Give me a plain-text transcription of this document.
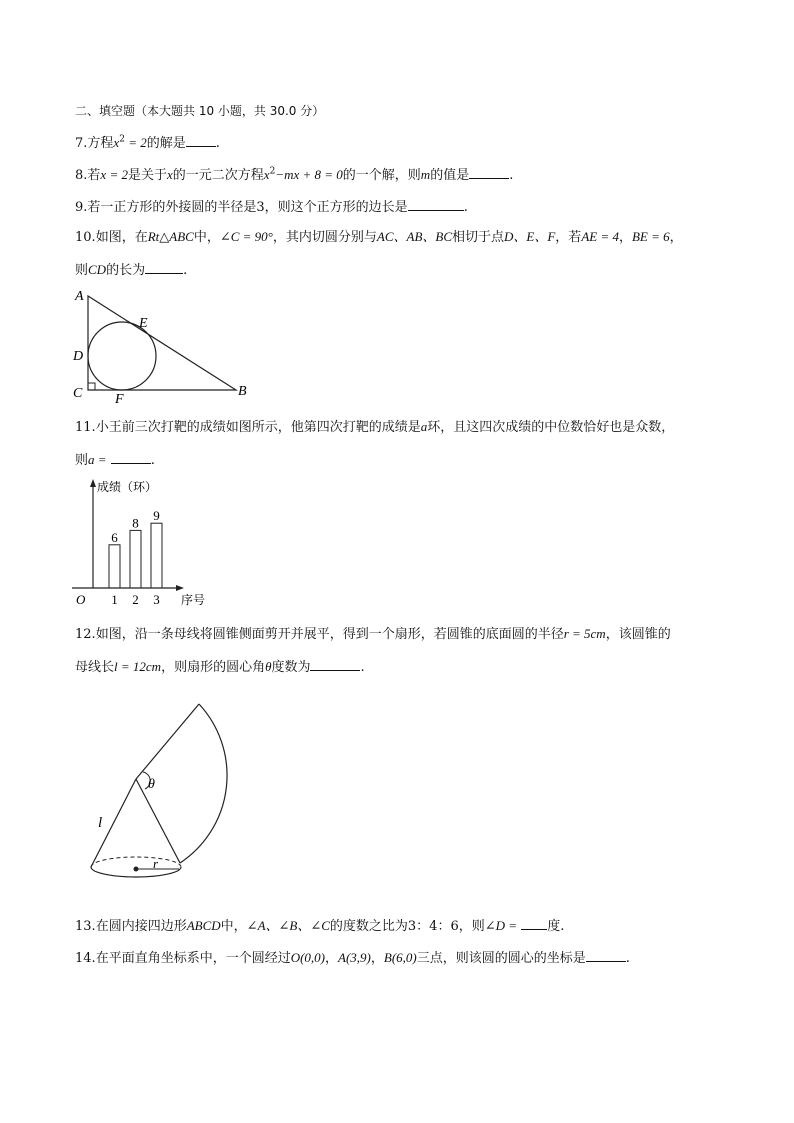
二、填空题（本大题共 10 小题，共 30.0 分）
7.方程$x^2 = 2$的解是 .
8.若x = 2是关于x的一元二次方程$x^2-mx + 8 = 0$的一个解，则m的值是	.
9.若一正方形的外接圆的半径是3，则这个正方形的边长是	.
10.如图，在Rt△ABC中，∠C = 90°，其内切圆分别与AC、AB、BC相切于点D、E、F，若AE = 4，BE = 6，
则CD的长为	.
A
E
D
C F
B
11.小王前三次打靶的成绩如图所示，他第四次打靶的成绩是a环，且这四次成绩的中位数恰好也是众数，
则a =	.
成绩（环）
序号
O
6
1
8
2
9
3
12.如图，沿一条母线将圆锥侧面剪开并展平，得到一个扇形，若圆锥的底面圆的半径r = 5cm，该圆锥的
母线长l = 12cm，则扇形的圆心角θ度数为	.
θ
l
r
13.在圆内接四边形ABCD中，∠A、∠B、∠C的度数之比为3：4：6，则∠D = 度.
14.在平面直角坐标系中，一个圆经过O(0,0)，A(3,9)，B(6,0)三点，则该圆的圆心的坐标是	.
